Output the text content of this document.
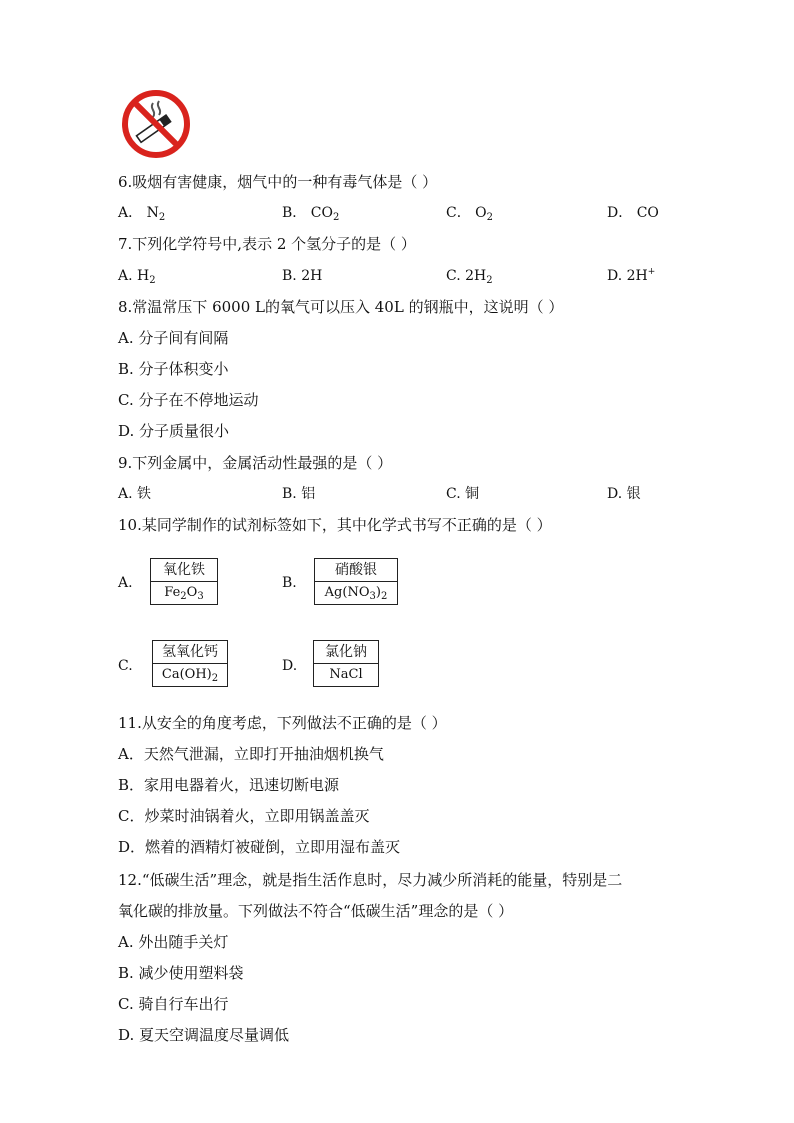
6.吸烟有害健康，烟气中的一种有毒气体是（ ）
A． $N_2$	B． $CO_2$	C． $O_2$	D． CO
7.下列化学符号中,表示 2 个氢分子的是（ ）
A. $H_2$	B. 2H	C. $2H_2$	D. 2H+
8.常温常压下 6000 L的氧气可以压入 40L 的钢瓶中，这说明（ ）
A. 分子间有间隔
B. 分子体积变小
C. 分子在不停地运动
D. 分子质量很小
9.下列金属中，金属活动性最强的是（ ）
A. 铁	B. 铝	C. 铜	D. 银
10.某同学制作的试剂标签如下，其中化学式书写不正确的是（ ）
A.
氧化铁
$Fe_2O_3$
B.
硝酸银
$Ag(NO_3)_2$
C.
氢氧化钙
$Ca(OH)_2$
D.
氯化钠
NaCl
11.从安全的角度考虑，下列做法不正确的是（ ）
A．天然气泄漏，立即打开抽油烟机换气
B．家用电器着火，迅速切断电源
C．炒菜时油锅着火，立即用锅盖盖灭
D．燃着的酒精灯被碰倒，立即用湿布盖灭
12.“低碳生活”理念，就是指生活作息时，尽力减少所消耗的能量，特别是二
氧化碳的排放量。下列做法不符合“低碳生活”理念的是（ ）
A. 外出随手关灯
B. 减少使用塑料袋
C. 骑自行车出行
D. 夏天空调温度尽量调低
